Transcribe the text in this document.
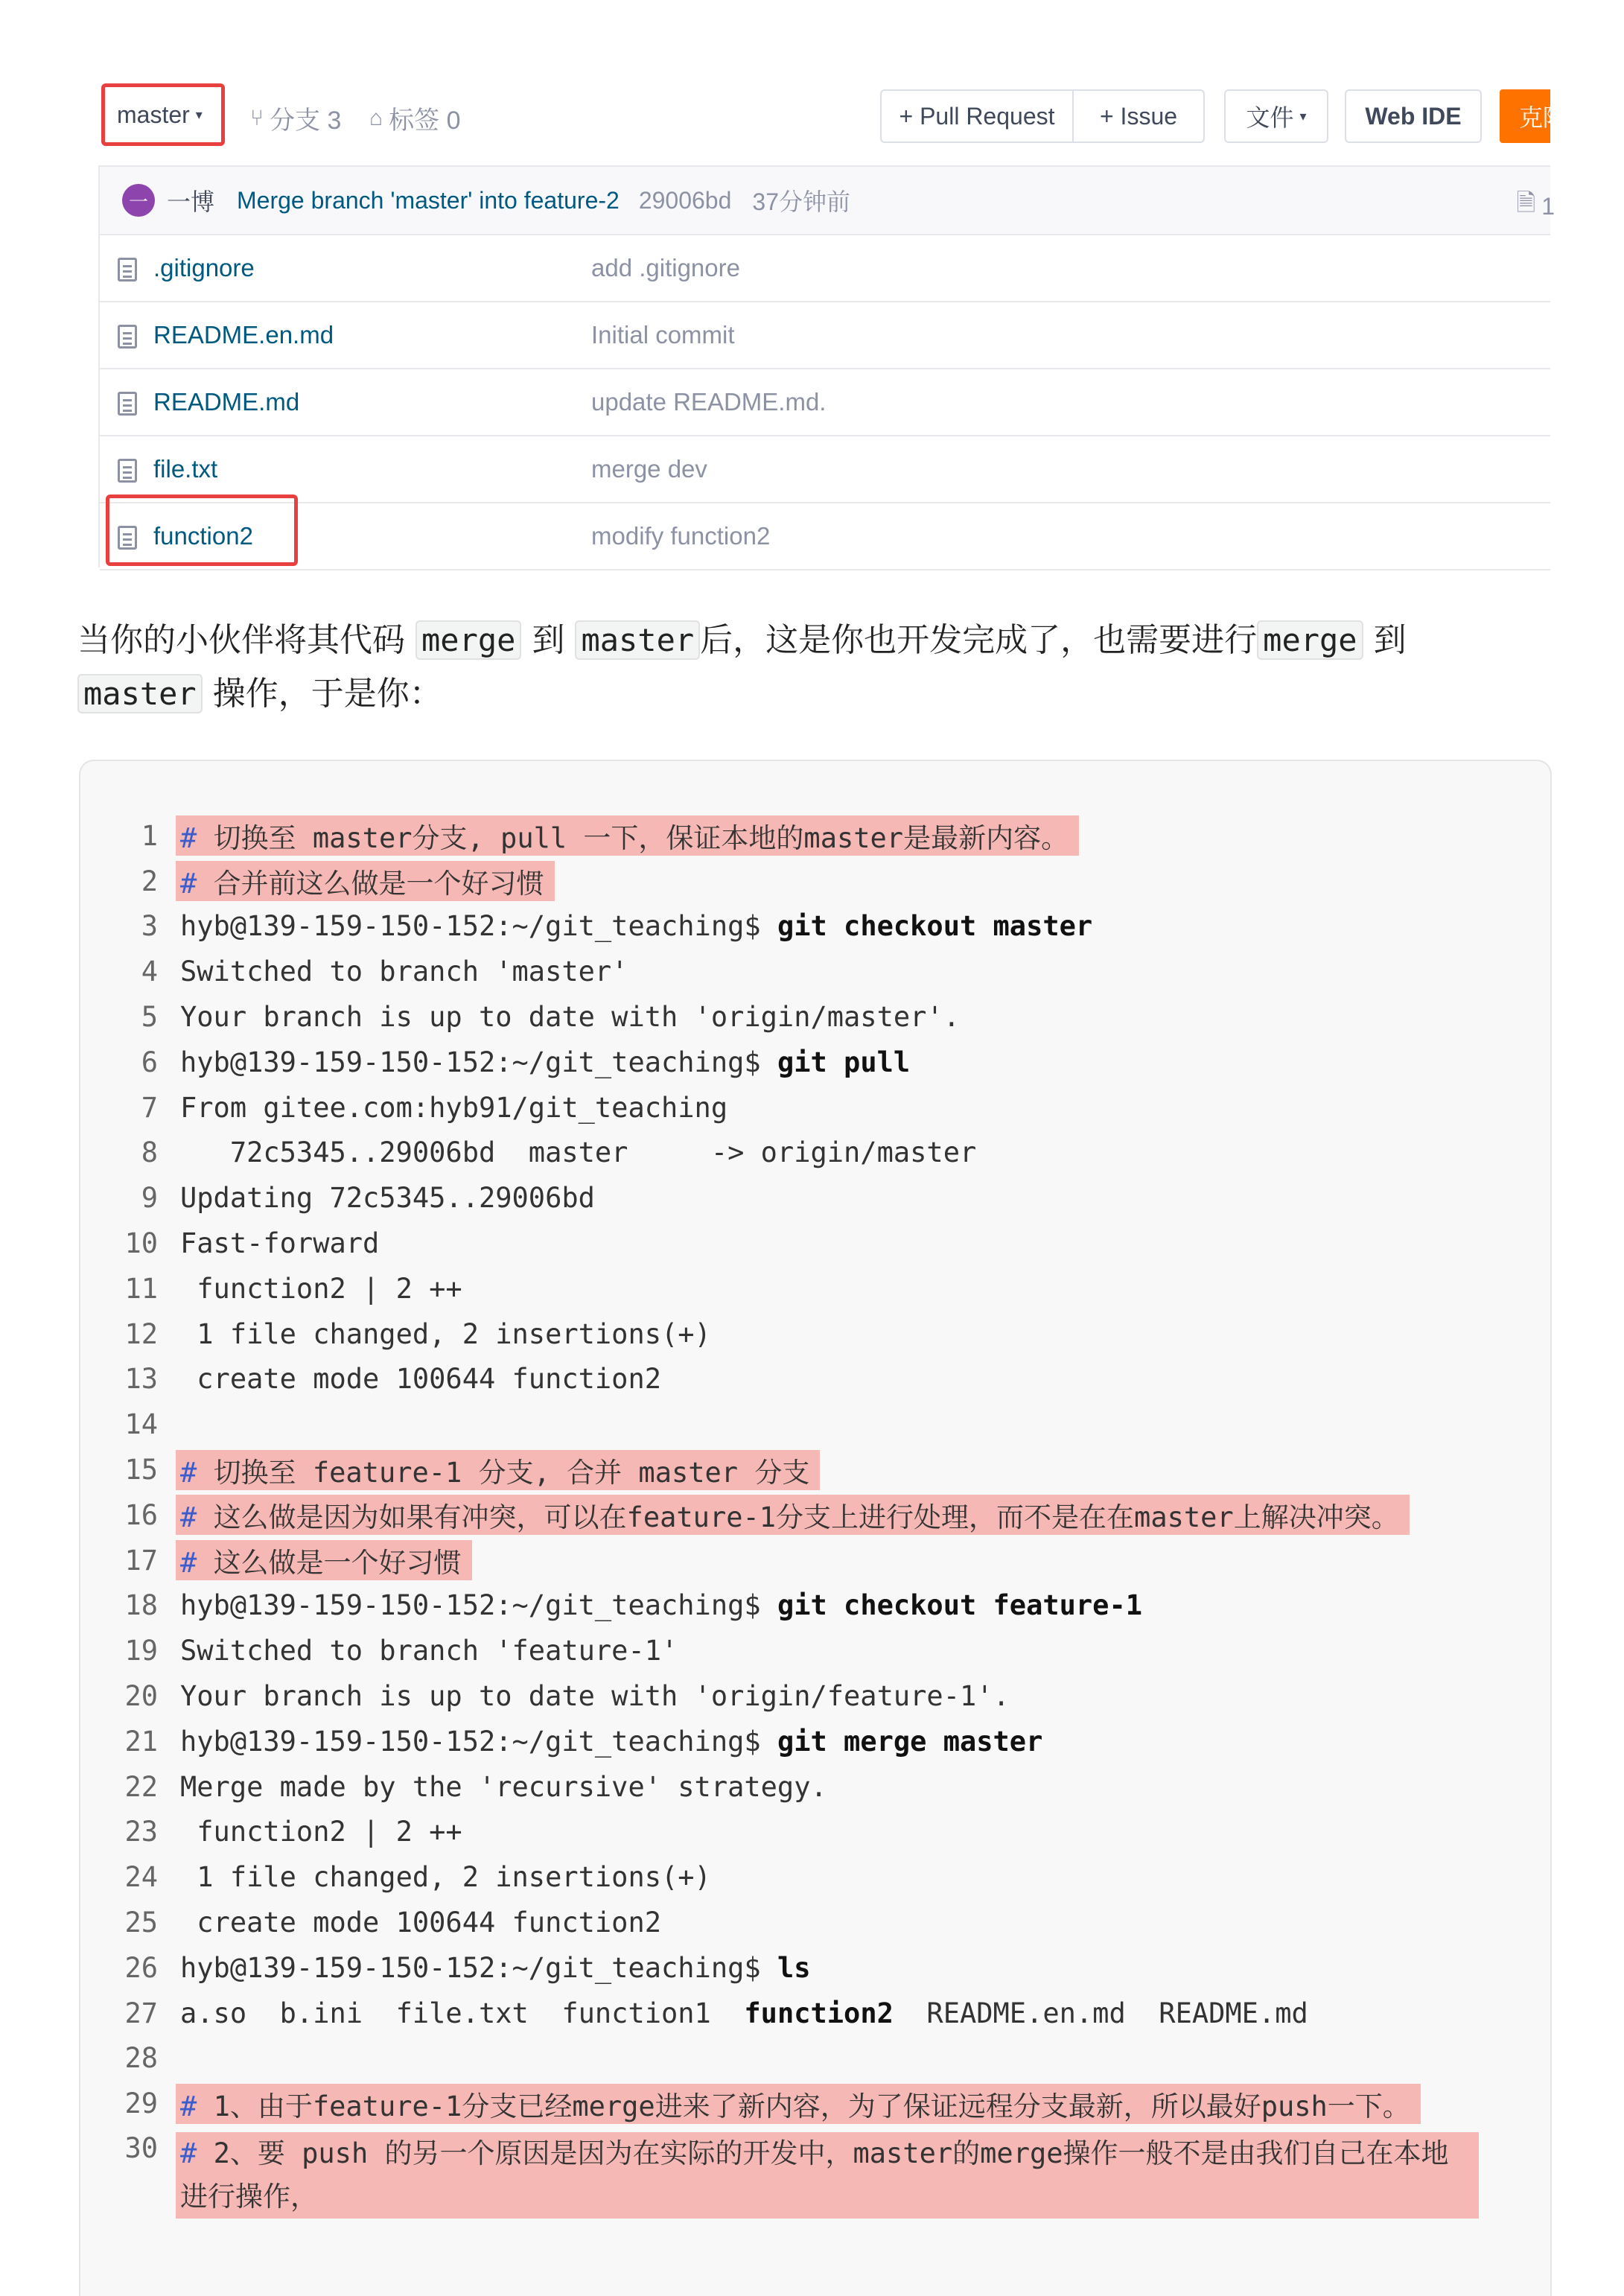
master ▾ ⑂ 分支 3 ⌂ 标签 0	+ Pull Request	+ Issue	文件 ▾	Web IDE	克隆
一 一博 Merge branch 'master' into feature-2 29006bd 37分钟前	🗎 1
.gitignore	add .gitignore
README.en.md	Initial commit
README.md	update README.md.
file.txt	merge dev
function2	modify function2
当你的小伙伴将其代码 merge 到 master 后，这是你也开发完成了，也需要进行 merge 到
master 操作，于是你：
1 # 切换至 master分支, pull 一下，保证本地的master是最新内容。
2 # 合并前这么做是一个好习惯
3 hyb@139-159-150-152:~/git_teaching$ git checkout master
4 Switched to branch 'master'
5 Your branch is up to date with 'origin/master'.
6 hyb@139-159-150-152:~/git_teaching$ git pull
7 From gitee.com:hyb91/git_teaching
8 72c5345..29006bd  master     -> origin/master
9 Updating 72c5345..29006bd
10 Fast-forward
11 function2 | 2 ++
12 1 file changed, 2 insertions(+)
13 create mode 100644 function2
14
15 # 切换至 feature-1 分支, 合并 master 分支
16 # 这么做是因为如果有冲突，可以在feature-1分支上进行处理，而不是在在master上解决冲突。
17 # 这么做是一个好习惯
18 hyb@139-159-150-152:~/git_teaching$ git checkout feature-1
19 Switched to branch 'feature-1'
20 Your branch is up to date with 'origin/feature-1'.
21 hyb@139-159-150-152:~/git_teaching$ git merge master
22 Merge made by the 'recursive' strategy.
23 function2 | 2 ++
24 1 file changed, 2 insertions(+)
25 create mode 100644 function2
26 hyb@139-159-150-152:~/git_teaching$ ls
27 a.so  b.ini  file.txt  function1  function2  README.en.md  README.md
28
29 # 1、由于feature-1分支已经merge进来了新内容，为了保证远程分支最新，所以最好push一下。
30 # 2、要 push 的另一个原因是因为在实际的开发中，master的merge操作一般不是由我们自己在本地进行操作，
